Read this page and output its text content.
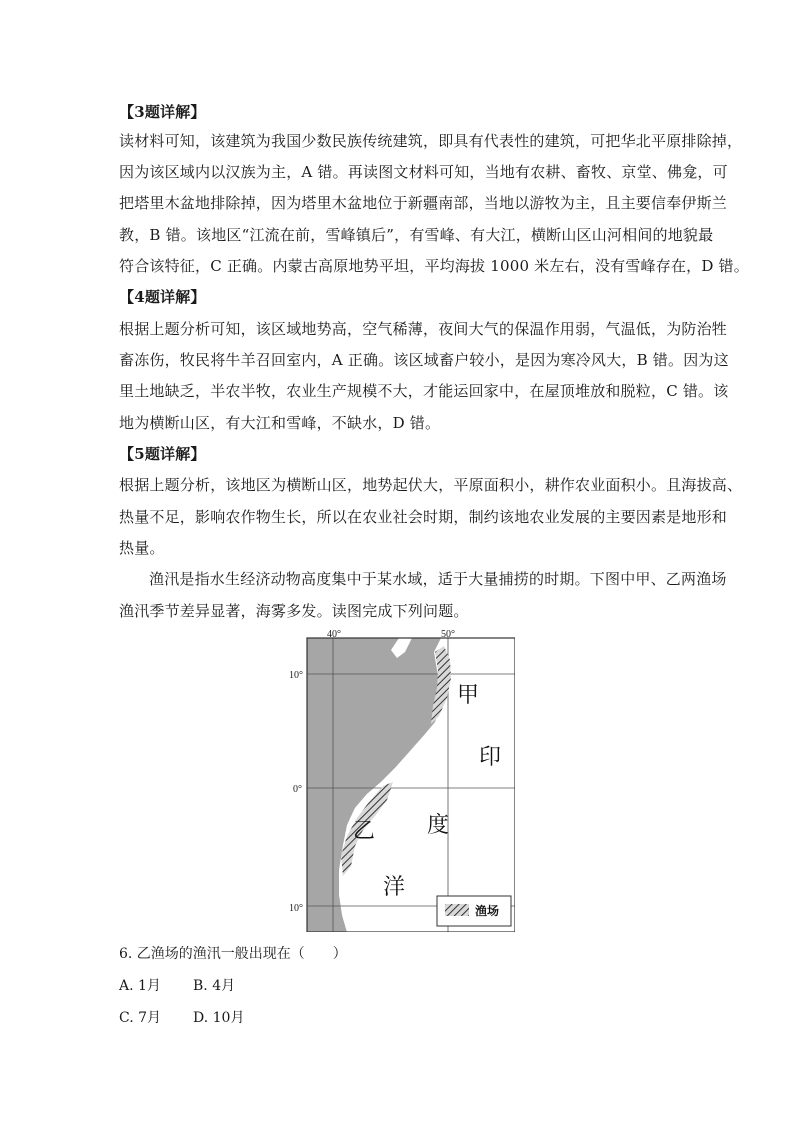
【3题详解】
读材料可知，该建筑为我国少数民族传统建筑，即具有代表性的建筑，可把华北平原排除掉，
因为该区域内以汉族为主，A 错。再读图文材料可知，当地有农耕、畜牧、京堂、佛龛，可
把塔里木盆地排除掉，因为塔里木盆地位于新疆南部，当地以游牧为主，且主要信奉伊斯兰
教，B 错。该地区“江流在前，雪峰镇后”，有雪峰、有大江，横断山区山河相间的地貌最
符合该特征，C 正确。内蒙古高原地势平坦，平均海拔 1000 米左右，没有雪峰存在，D 错。
【4题详解】
根据上题分析可知，该区域地势高，空气稀薄，夜间大气的保温作用弱，气温低，为防治牲
畜冻伤，牧民将牛羊召回室内，A 正确。该区域畜户较小，是因为寒冷风大，B 错。因为这
里土地缺乏，半农半牧，农业生产规模不大，才能运回家中，在屋顶堆放和脱粒，C 错。该
地为横断山区，有大江和雪峰，不缺水，D 错。
【5题详解】
根据上题分析，该地区为横断山区，地势起伏大，平原面积小，耕作农业面积小。且海拔高、
热量不足，影响农作物生长，所以在农业社会时期，制约该地农业发展的主要因素是地形和
热量。
渔汛是指水生经济动物高度集中于某水域，适于大量捕捞的时期。下图中甲、乙两渔场
渔汛季节差异显著，海雾多发。读图完成下列问题。
40°	50°
10°
0°
10°
甲
印
乙 度
洋
渔场
6. 乙渔场的渔汛一般出现在（　　）
A. 1月 B. 4月
C. 7月 D. 10月
